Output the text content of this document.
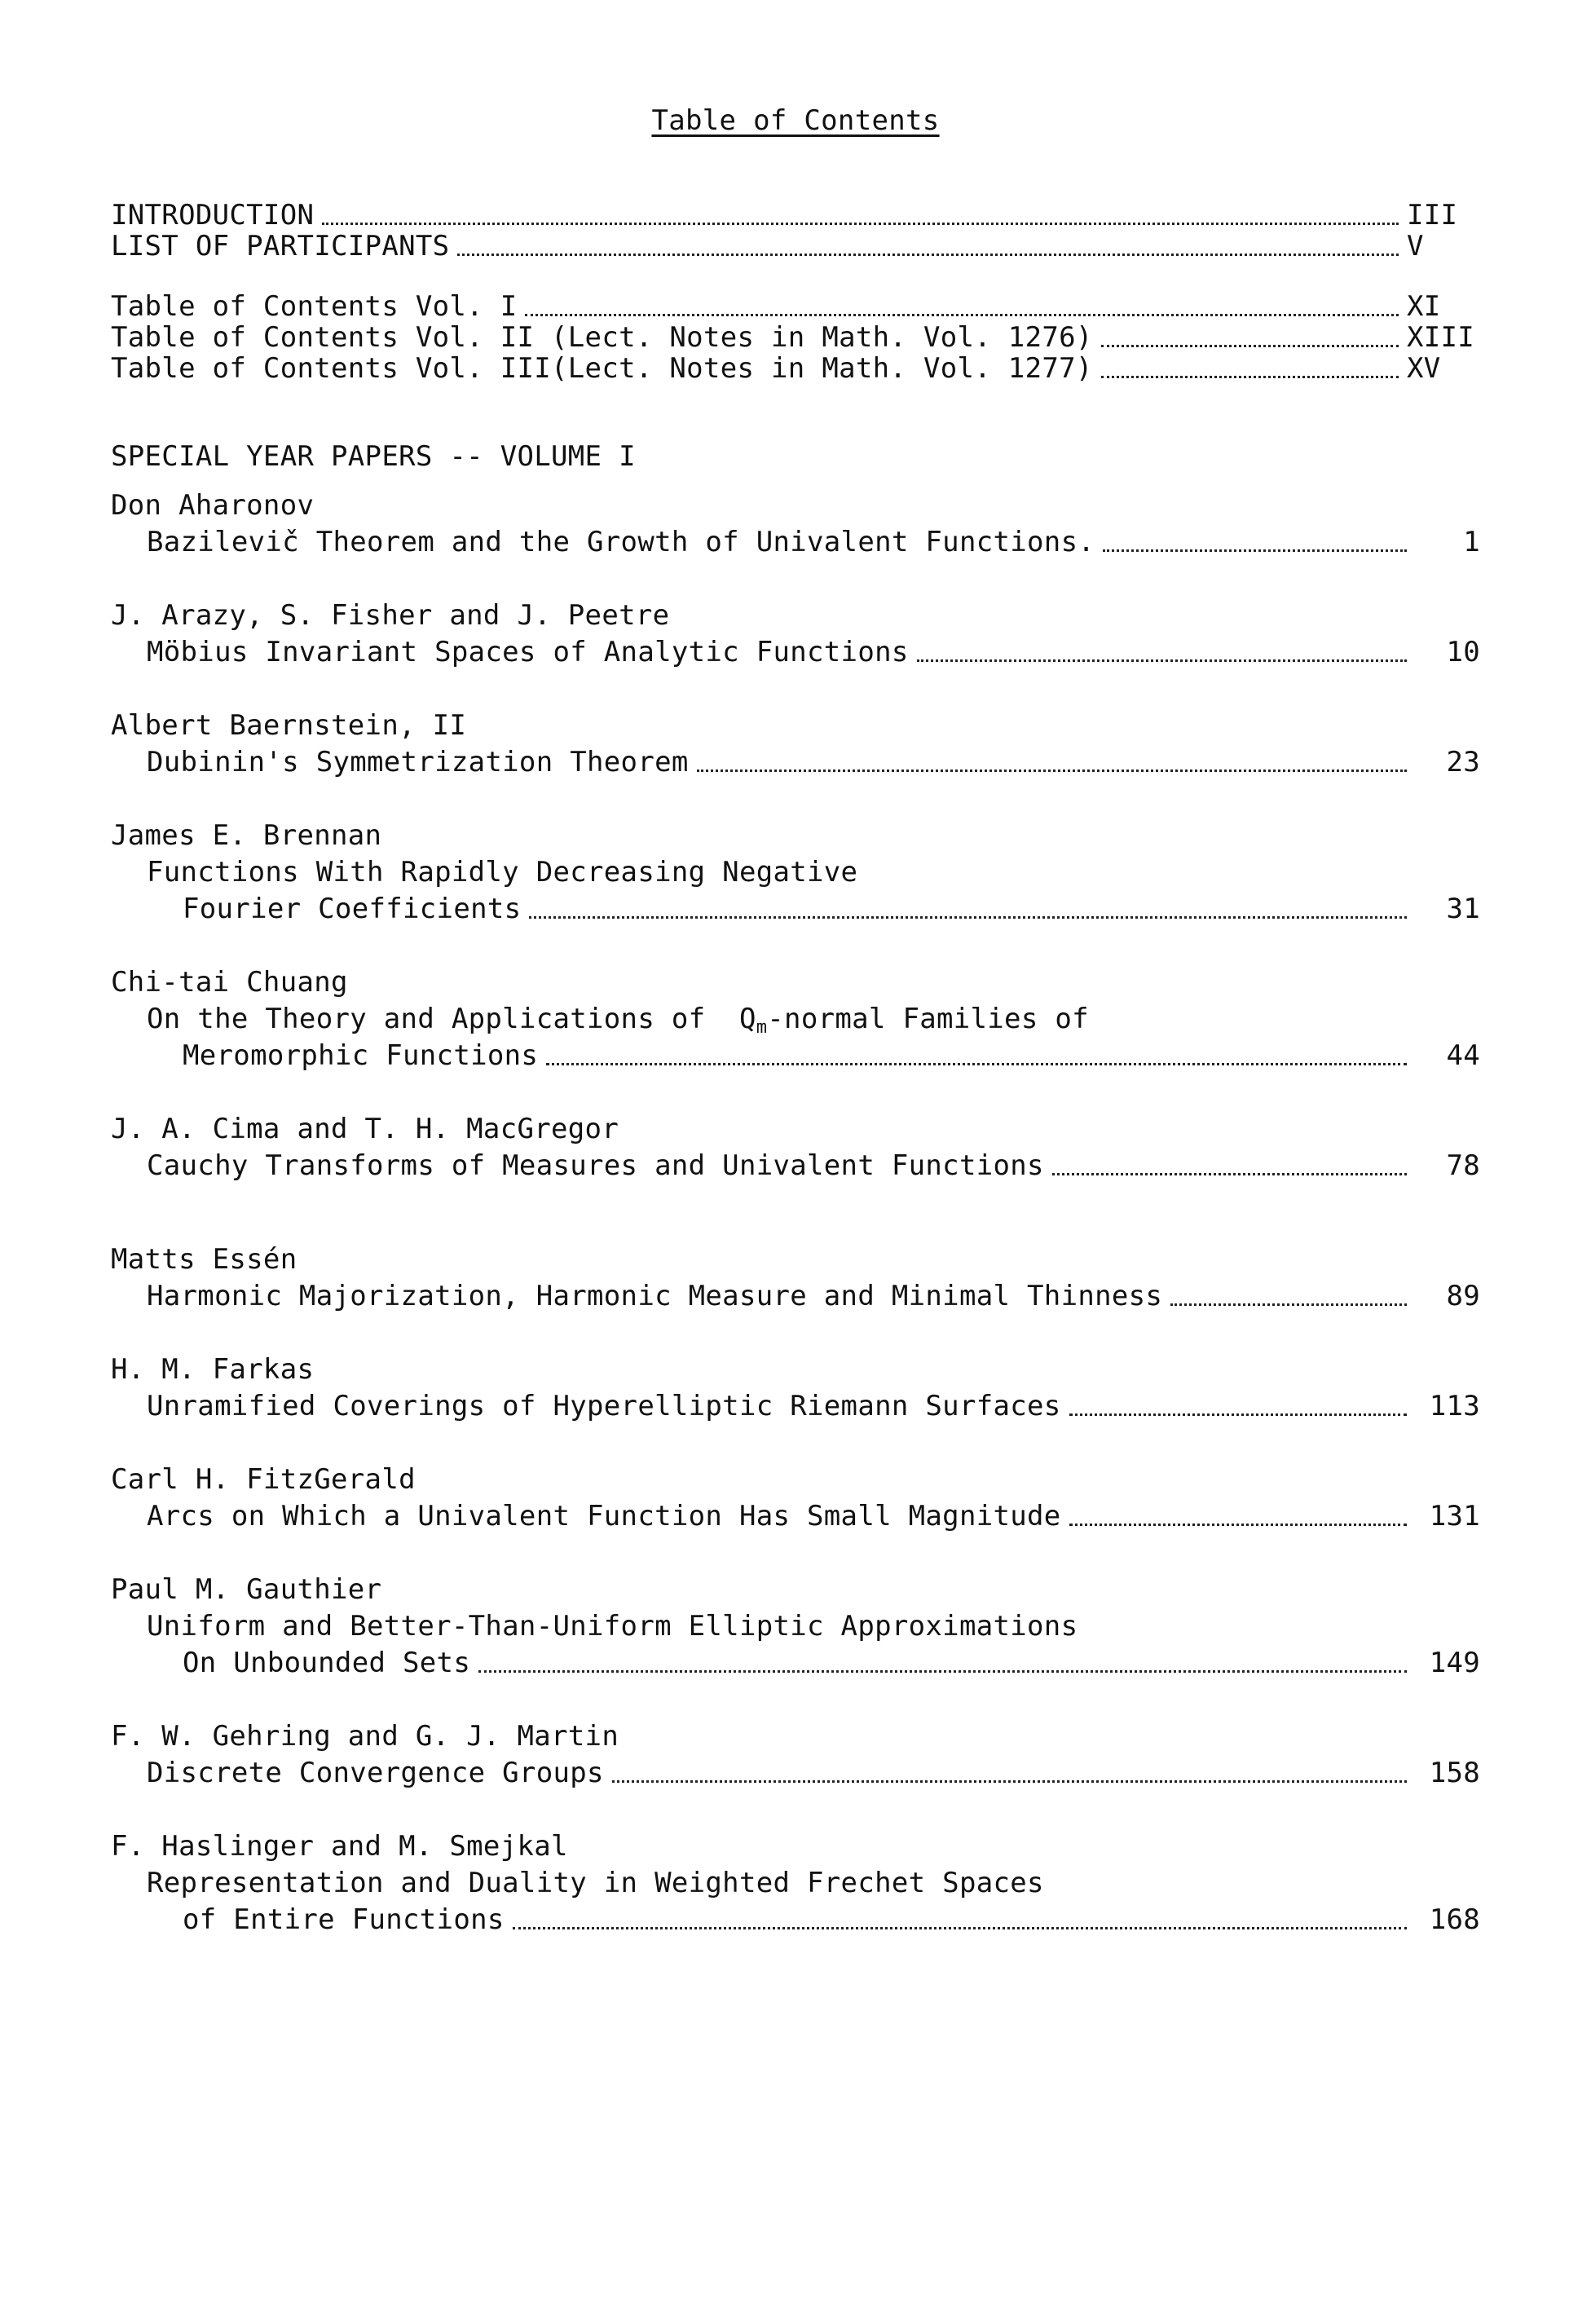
Table of Contents
INTRODUCTION	III
LIST OF PARTICIPANTS	V
Table of Contents Vol. I	XI
Table of Contents Vol. II (Lect. Notes in Math. Vol. 1276)	XIII
Table of Contents Vol. III(Lect. Notes in Math. Vol. 1277)	XV
SPECIAL YEAR PAPERS -- VOLUME I
Don Aharonov
Bazilevič Theorem and the Growth of Univalent Functions.	1
J. Arazy, S. Fisher and J. Peetre
Möbius Invariant Spaces of Analytic Functions	10
Albert Baernstein, II
Dubinin's Symmetrization Theorem	23
James E. Brennan
Functions With Rapidly Decreasing Negative
Fourier Coefficients	31
Chi-tai Chuang
On the Theory and Applications of $Q_m$-normal Families of
Meromorphic Functions	44
J. A. Cima and T. H. MacGregor
Cauchy Transforms of Measures and Univalent Functions	78
Matts Essén
Harmonic Majorization, Harmonic Measure and Minimal Thinness	89
H. M. Farkas
Unramified Coverings of Hyperelliptic Riemann Surfaces	113
Carl H. FitzGerald
Arcs on Which a Univalent Function Has Small Magnitude	131
Paul M. Gauthier
Uniform and Better-Than-Uniform Elliptic Approximations
On Unbounded Sets	149
F. W. Gehring and G. J. Martin
Discrete Convergence Groups	158
F. Haslinger and M. Smejkal
Representation and Duality in Weighted Frechet Spaces
of Entire Functions	168
